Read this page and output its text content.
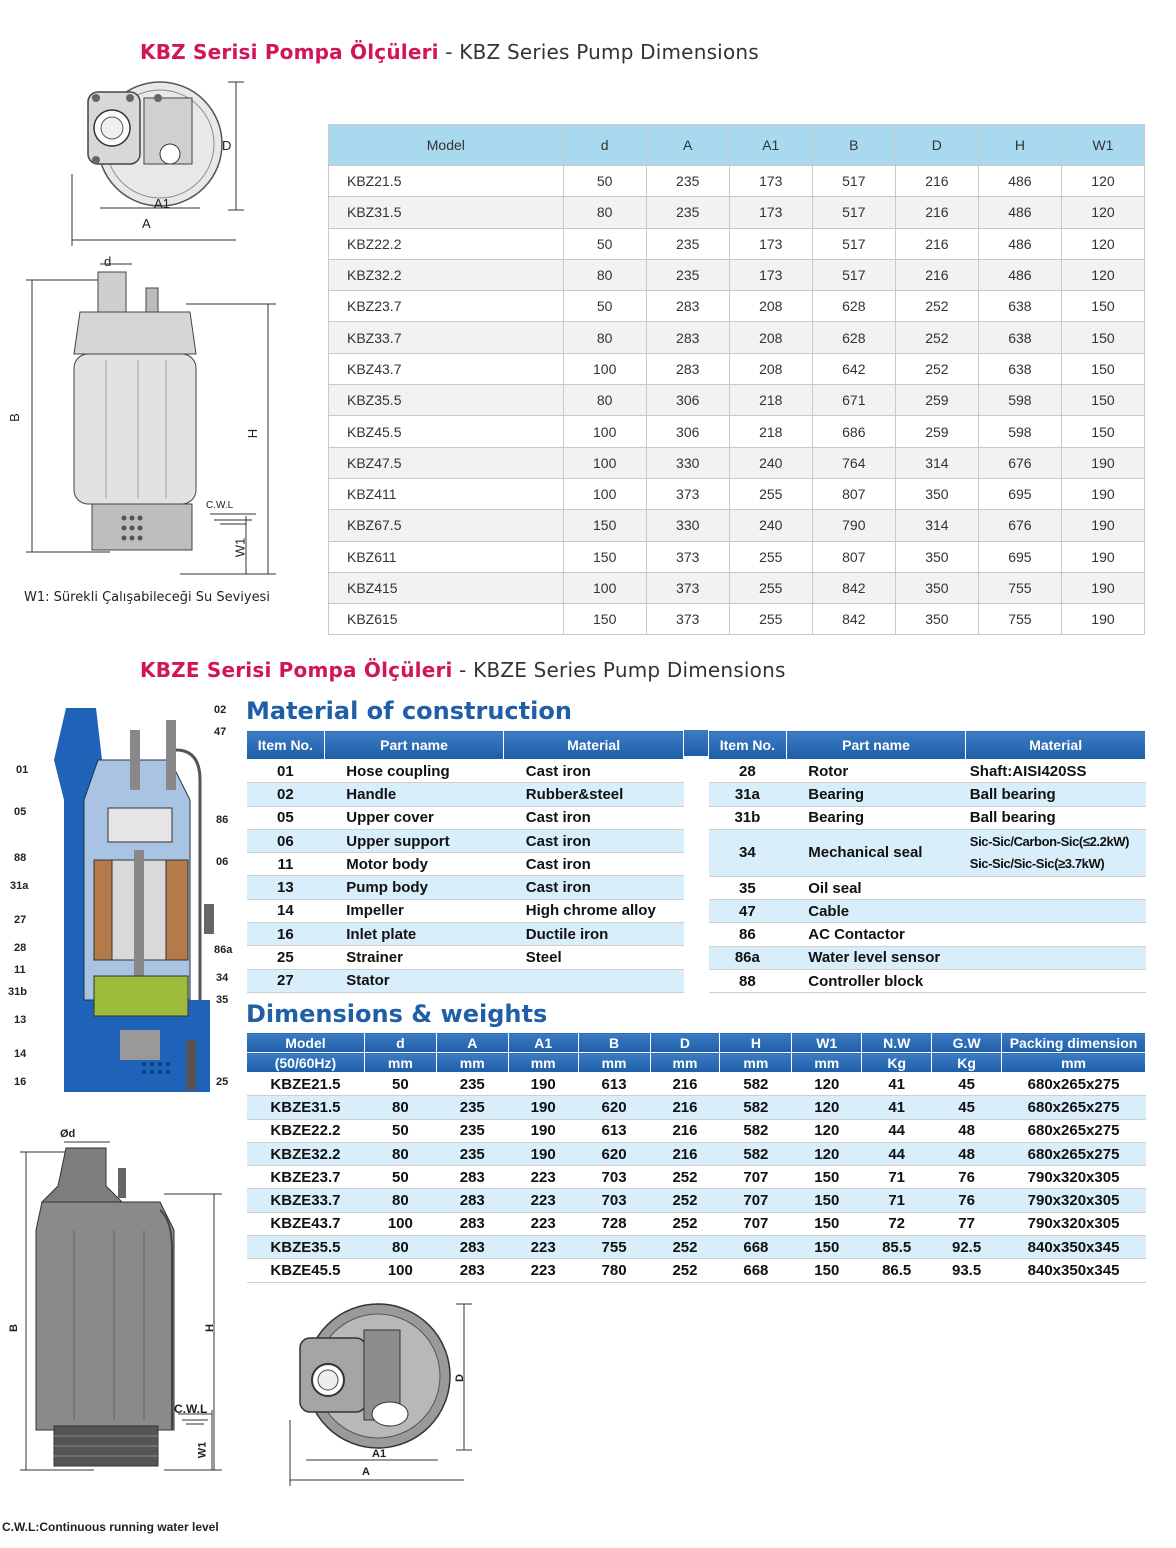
KBZ Serisi Pompa Ölçüleri - KBZ Series Pump Dimensions
D
A1
A
d
B
H
C.W.L
W1
W1: Sürekli Çalışabileceği Su Seviyesi
Model	d	A	A1	B	D	H	W1
KBZ21.5	50	235	173	517	216	486	120
KBZ31.5	80	235	173	517	216	486	120
KBZ22.2	50	235	173	517	216	486	120
KBZ32.2	80	235	173	517	216	486	120
KBZ23.7	50	283	208	628	252	638	150
KBZ33.7	80	283	208	628	252	638	150
KBZ43.7	100	283	208	642	252	638	150
KBZ35.5	80	306	218	671	259	598	150
KBZ45.5	100	306	218	686	259	598	150
KBZ47.5	100	330	240	764	314	676	190
KBZ411	100	373	255	807	350	695	190
KBZ67.5	150	330	240	790	314	676	190
KBZ611	150	373	255	807	350	695	190
KBZ415	100	373	255	842	350	755	190
KBZ615	150	373	255	842	350	755	190
KBZE Serisi Pompa Ölçüleri - KBZE Series Pump Dimensions
01
05
88
31a
27
28
11
31b
13
14
16
02
47
86
06
86a
34
35
25
Material of construction
Item No.	Part name	Material
01	Hose coupling	Cast iron
02	Handle	Rubber&steel
05	Upper cover	Cast iron
06	Upper support	Cast iron
11	Motor body	Cast iron
13	Pump body	Cast iron
14	Impeller	High chrome alloy
16	Inlet plate	Ductile iron
25	Strainer	Steel
27	Stator	
Item No.	Part name	Material
28	Rotor	Shaft:AISI420SS
31a	Bearing	Ball bearing
31b	Bearing	Ball bearing
34	Mechanical seal	Sic-Sic/Carbon-Sic(≤2.2kW)
Sic-Sic/Sic-Sic(≥3.7kW)

35	Oil seal	
47	Cable	
86	AC Contactor	
86a	Water level sensor	
88	Controller block	
Dimensions & weights
Model	d	A	A1	B	D	H	W1	N.W	G.W	Packing dimension
(50/60Hz)	mm	mm	mm	mm	mm	mm	mm	Kg	Kg	mm
KBZE21.5	50	235	190	613	216	582	120	41	45	680x265x275
KBZE31.5	80	235	190	620	216	582	120	41	45	680x265x275
KBZE22.2	50	235	190	613	216	582	120	44	48	680x265x275
KBZE32.2	80	235	190	620	216	582	120	44	48	680x265x275
KBZE23.7	50	283	223	703	252	707	150	71	76	790x320x305
KBZE33.7	80	283	223	703	252	707	150	71	76	790x320x305
KBZE43.7	100	283	223	728	252	707	150	72	77	790x320x305
KBZE35.5	80	283	223	755	252	668	150	85.5	92.5	840x350x345
KBZE45.5	100	283	223	780	252	668	150	86.5	93.5	840x350x345
Ød
B	H
C.W.L
W1
C.W.L:Continuous running water level
D
A1
A
